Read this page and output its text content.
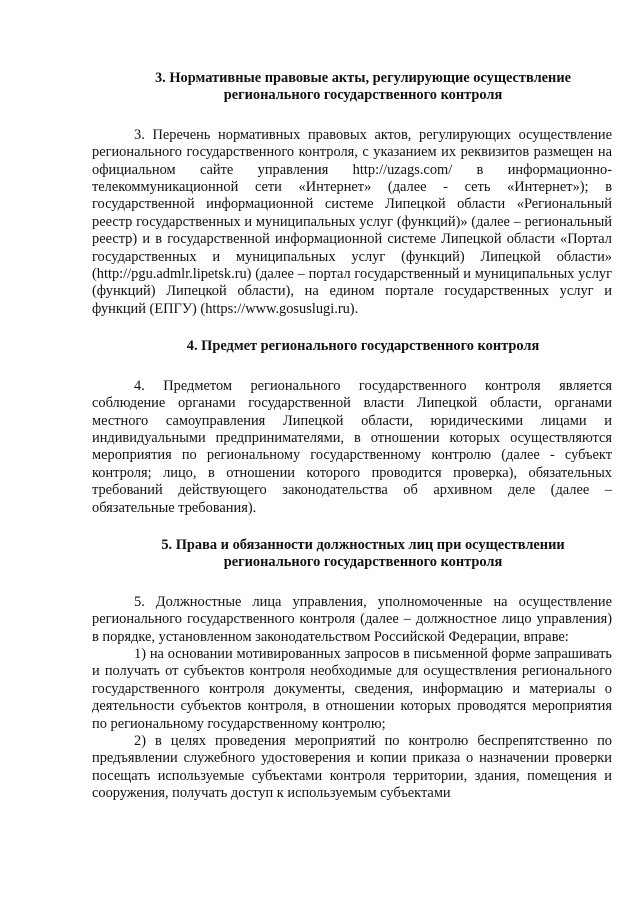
3. Нормативные правовые акты, регулирующие осуществление
регионального государственного контроля

3. Перечень нормативных правовых актов, регулирующих осуществление регионального государственного контроля, с указанием их реквизитов размещен на официальном сайте управления http://uzags.com/ в информационно-телекоммуникационной сети «Интернет» (далее - сеть «Интернет»); в государственной информационной системе Липецкой области «Региональный реестр государственных и муниципальных услуг (функций)» (далее – региональный реестр) и в государственной информационной системе Липецкой области «Портал государственных и муниципальных услуг (функций) Липецкой области» (http://pgu.admlr.lipetsk.ru) (далее – портал государственный и муниципальных услуг (функций) Липецкой области), на едином портале государственных услуг и функций (ЕПГУ) (https://www.gosuslugi.ru).

4. Предмет регионального государственного контроля

4. Предметом регионального государственного контроля является соблюдение органами государственной власти Липецкой области, органами местного самоуправления Липецкой области, юридическими лицами и индивидуальными предпринимателями, в отношении которых осуществляются мероприятия по региональному государственному контролю (далее - субъект контроля; лицо, в отношении которого проводится проверка), обязательных требований действующего законодательства об архивном деле (далее – обязательные требования).

5. Права и обязанности должностных лиц при осуществлении
регионального государственного контроля

5. Должностные лица управления, уполномоченные на осуществление регионального государственного контроля (далее – должностное лицо управления) в порядке, установленном законодательством Российской Федерации, вправе:

1) на основании мотивированных запросов в письменной форме запрашивать и получать от субъектов контроля необходимые для осуществления регионального государственного контроля документы, сведения, информацию и материалы о деятельности субъектов контроля, в отношении которых проводятся мероприятия по региональному государственному контролю;

2) в целях проведения мероприятий по контролю беспрепятственно по предъявлении служебного удостоверения и копии приказа о назначении проверки посещать используемые субъектами контроля территории, здания, помещения и сооружения, получать доступ к используемым субъектами
